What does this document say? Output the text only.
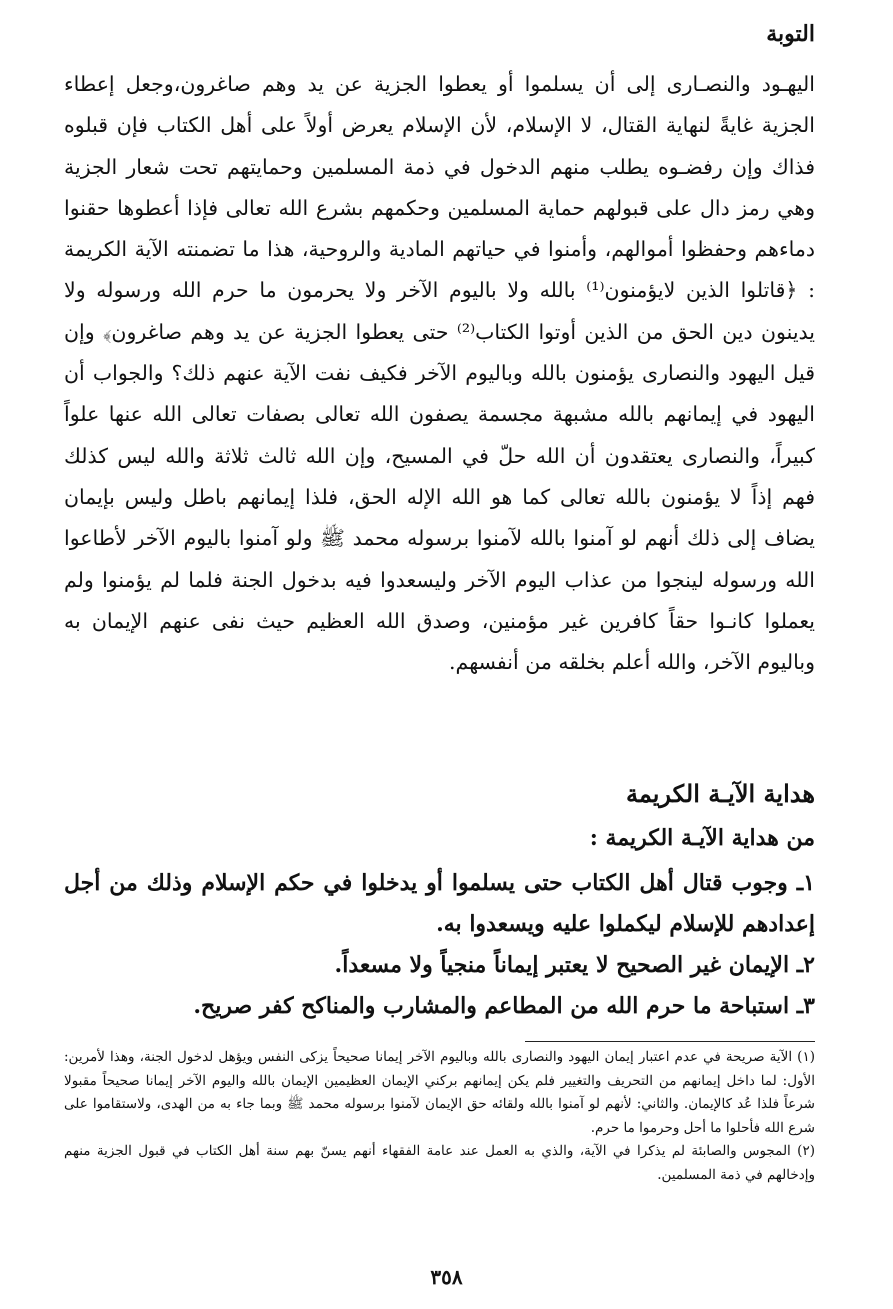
التوبة

اليهـود والنصـارى إلى أن يسلموا أو يعطوا الجزية عن يد وهم صاغرون،وجعل إعطاء الجزية غايةً لنهاية القتال، لا الإسلام، لأن الإسلام يعرض أولاً على أهل الكتاب فإن قبلوه فذاك وإن رفضـوه يطلب منهم الدخول في ذمة المسلمين وحمايتهم تحت شعار الجزية وهي رمز دال على قبولهم حماية المسلمين وحكمهم بشرع الله تعالى فإذا أعطوها حقنوا دماءهم وحفظوا أموالهم، وأمنوا في حياتهم المادية والروحية، هذا ما تضمنته الآية الكريمة : ﴿قاتلوا الذين لايؤمنون⁽¹⁾ بالله ولا باليوم الآخر ولا يحرمون ما حرم الله ورسوله ولا يدينون دين الحق من الذين أوتوا الكتاب⁽²⁾ حتى يعطوا الجزية عن يد وهم صاغرون﴾ وإن قيل اليهود والنصارى يؤمنون بالله وباليوم الآخر فكيف نفت الآية عنهم ذلك؟ والجواب أن اليهود في إيمانهم بالله مشبهة مجسمة يصفون الله تعالى بصفات تعالى الله عنها علواً كبيراً، والنصارى يعتقدون أن الله حلّ في المسيح، وإن الله ثالث ثلاثة والله ليس كذلك فهم إذاً لا يؤمنون بالله تعالى كما هو الله الإله الحق، فلذا إيمانهم باطل وليس بإيمان يضاف إلى ذلك أنهم لو آمنوا بالله لآمنوا برسوله محمد ﷺ ولو آمنوا باليوم الآخر لأطاعوا الله ورسوله لينجوا من عذاب اليوم الآخر وليسعدوا فيه بدخول الجنة فلما لم يؤمنوا ولم يعملوا كانـوا حقاً كافرين غير مؤمنين، وصدق الله العظيم حيث نفى عنهم الإيمان به وباليوم الآخر، والله أعلم بخلقه من أنفسهم.

هداية الآيـة الكريمة
من هداية الآيـة الكريمة :

١ـ وجوب قتال أهل الكتاب حتى يسلموا أو يدخلوا في حكم الإسلام وذلك من أجل إعدادهم للإسلام ليكملوا عليه ويسعدوا به.

٢ـ الإيمان غير الصحيح لا يعتبر إيماناً منجياً ولا مسعداً.

٣ـ استباحة ما حرم الله من المطاعم والمشارب والمناكح كفر صريح.

(١) الآية صريحة في عدم اعتبار إيمان اليهود والنصارى بالله وباليوم الآخر إيمانا صحيحاً يزكى النفس ويؤهل لدخول الجنة، وهذا لأمرين: الأول: لما داخل إيمانهم من التحريف والتغيير فلم يكن إيمانهم بركني الإيمان العظيمين الإيمان بالله واليوم الآخر إيمانا صحيحاً مقبولا شرعاً فلذا عُد كالإيمان. والثاني: لأنهم لو آمنوا بالله ولقائه حق الإيمان لآمنوا برسوله محمد ﷺ وبما جاء به من الهدى، ولاستقاموا على شرع الله فأحلوا ما أحل وحرموا ما حرم.

(٢) المجوس والصابئة لم يذكرا في الآية، والذي به العمل عند عامة الفقهاء أنهم يسنّ بهم سنة أهل الكتاب في قبول الجزية منهم وإدخالهم في ذمة المسلمين.

٣٥٨
